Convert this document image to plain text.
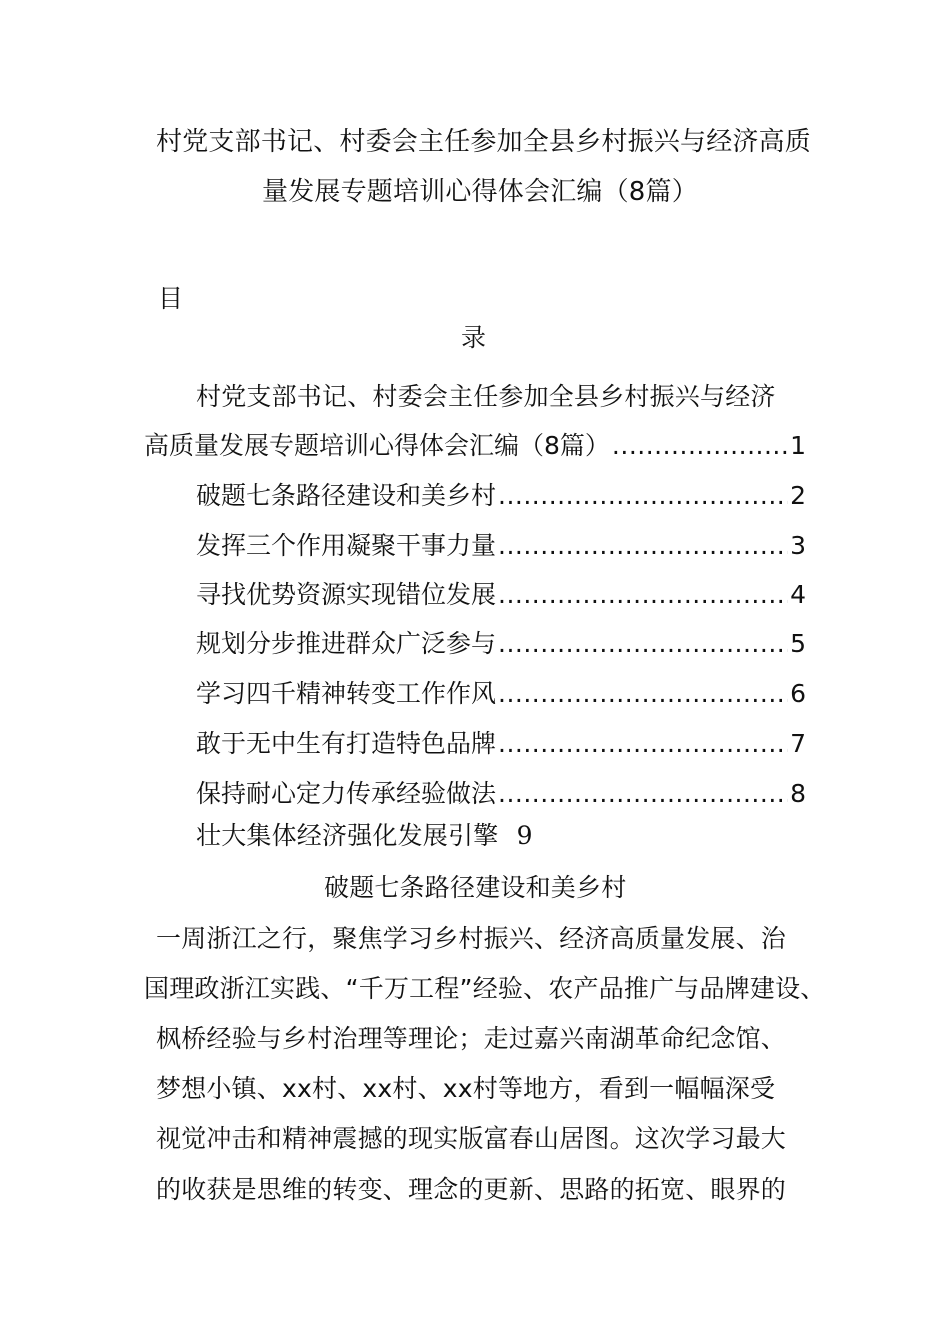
村党支部书记、村委会主任参加全县乡村振兴与经济高质
量发展专题培训心得体会汇编（8篇）
目
录
村党支部书记、村委会主任参加全县乡村振兴与经济
高质量发展专题培训心得体会汇编（8篇） .....	1
破题七条路径建设和美乡村 .....	2
发挥三个作用凝聚干事力量 .....	3
寻找优势资源实现错位发展 .....	4
规划分步推进群众广泛参与 .....	5
学习四千精神转变工作作风 .....	6
敢于无中生有打造特色品牌 .....	7
保持耐心定力传承经验做法 .....	8
壮大集体经济强化发展引擎 9
破题七条路径建设和美乡村
一周浙江之行，聚焦学习乡村振兴、经济高质量发展、治
国理政浙江实践、“千万工程”经验、农产品推广与品牌建设、
枫桥经验与乡村治理等理论；走过嘉兴南湖革命纪念馆、
梦想小镇、xx村、xx村、xx村等地方，看到一幅幅深受
视觉冲击和精神震撼的现实版富春山居图。这次学习最大
的收获是思维的转变、理念的更新、思路的拓宽、眼界的
